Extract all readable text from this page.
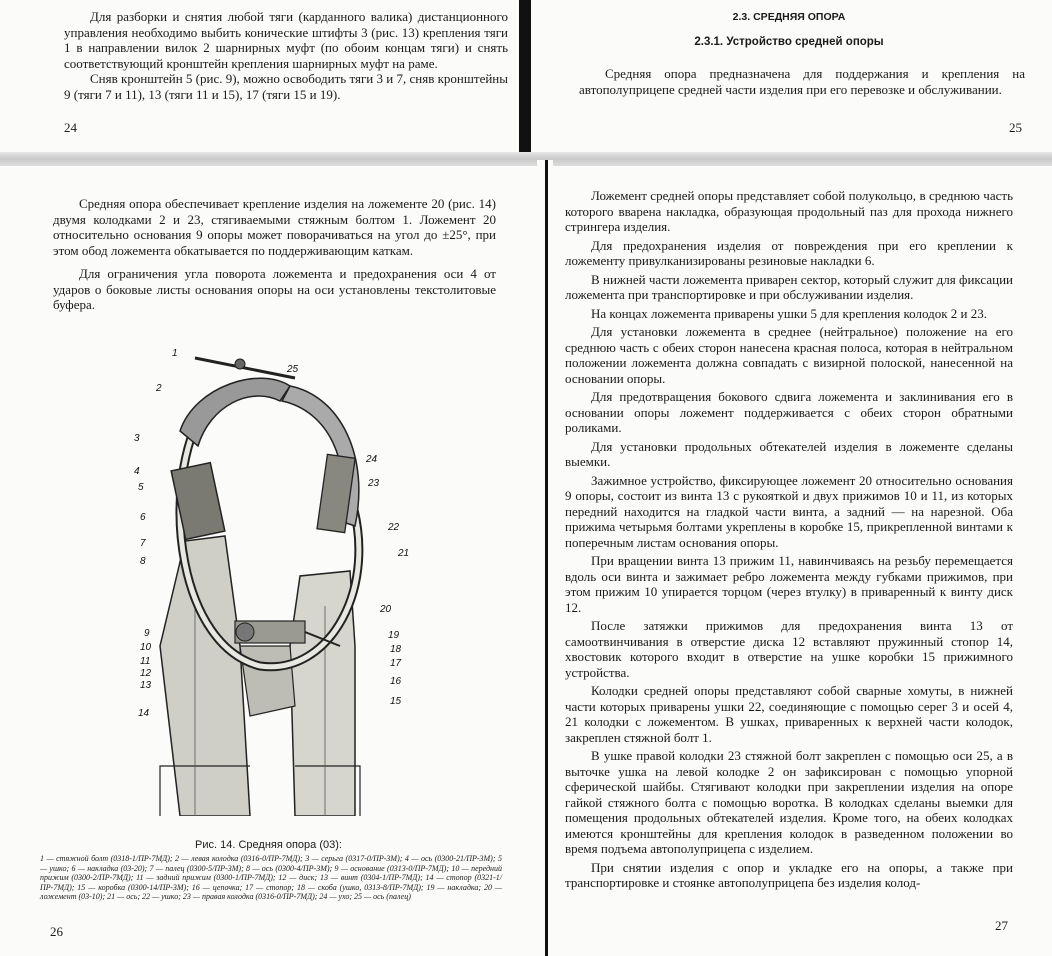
Для разборки и снятия любой тяги (карданного валика) дистанционного управления необходимо выбить конические штифты 3 (рис. 13) крепления тяги 1 в направлении вилок 2 шарнирных муфт (по обоим концам тяги) и снять соответствующий кронштейн крепления шарнирных муфт на раме.

Сняв кронштейн 5 (рис. 9), можно освободить тяги 3 и 7, сняв кронштейны 9 (тяги 7 и 11), 13 (тяги 11 и 15), 17 (тяги 15 и 19).

24
2.3. СРЕДНЯЯ ОПОРА
2.3.1. Устройство средней опоры

Средняя опора предназначена для поддержания и крепления на автополуприцепе средней части изделия при его перевозке и обслуживании.

25

Средняя опора обеспечивает крепление изделия на ложементе 20 (рис. 14) двумя колодками 2 и 23, стягиваемыми стяжным болтом 1. Ложемент 20 относительно основания 9 опоры может поворачиваться на угол до ±25°, при этом обод ложемента обкатывается по поддерживающим каткам.

Для ограничения угла поворота ложемента и предохранения оси 4 от ударов о боковые листы основания опоры на оси установлены текстолитовые буфера.

1
2
3
4
5
6
7
8
9
10
11
12
13
14
15
16
17
18
19
20
21
22
23
24
25
Рис. 14. Средняя опора (03):
1 — стяжной болт (0318-1/ПР-7МД); 2 — левая колодка (0316-0/ПР-7МД); 3 — серьга (0317-0/ПР-3М); 4 — ось (0300-21/ПР-3М); 5 — ушко; 6 — накладка (03-20); 7 — палец (0300-5/ПР-3М); 8 — ось (0300-4/ПР-3М); 9 — основание (0313-0/ПР-7МД); 10 — передний прижим (0300-2/ПР-7МД); 11 — задний прижим (0300-1/ПР-7МД); 12 — диск; 13 — винт (0304-1/ПР-7МД); 14 — стопор (0321-1/ПР-7МД); 15 — коробка (0300-14/ПР-3М); 16 — цепочка; 17 — стопор; 18 — скоба (ушко, 0313-8/ПР-7МД); 19 — накладка; 20 — ложемент (03-10); 21 — ось; 22 — ушко; 23 — правая колодка (0316-0/ПР-7МД); 24 — ухо; 25 — ось (палец)
26

Ложемент средней опоры представляет собой полукольцо, в среднюю часть которого вварена накладка, образующая продольный паз для прохода нижнего стрингера изделия.

Для предохранения изделия от повреждения при его креплении к ложементу привулканизированы резиновые накладки 6.

В нижней части ложемента приварен сектор, который служит для фиксации ложемента при транспортировке и при обслуживании изделия.

На концах ложемента приварены ушки 5 для крепления колодок 2 и 23.

Для установки ложемента в среднее (нейтральное) положение на его среднюю часть с обеих сторон нанесена красная полоса, которая в нейтральном положении ложемента должна совпадать с визирной полоской, нанесенной на основании опоры.

Для предотвращения бокового сдвига ложемента и заклинивания его в основании опоры ложемент поддерживается с обеих сторон обратными роликами.

Для установки продольных обтекателей изделия в ложементе сделаны выемки.

Зажимное устройство, фиксирующее ложемент 20 относительно основания 9 опоры, состоит из винта 13 с рукояткой и двух прижимов 10 и 11, из которых передний находится на гладкой части винта, а задний — на нарезной. Оба прижима четырьмя болтами укреплены в коробке 15, прикрепленной винтами к поперечным листам основания опоры.

При вращении винта 13 прижим 11, навинчиваясь на резьбу перемещается вдоль оси винта и зажимает ребро ложемента между губками прижимов, при этом прижим 10 упирается торцом (через втулку) в приваренный к винту диск 12.

После затяжки прижимов для предохранения винта 13 от самоотвинчивания в отверстие диска 12 вставляют пружинный стопор 14, хвостовик которого входит в отверстие на ушке коробки 15 прижимного устройства.

Колодки средней опоры представляют собой сварные хомуты, в нижней части которых приварены ушки 22, соединяющие с помощью серег 3 и осей 4, 21 колодки с ложементом. В ушках, приваренных к верхней части колодок, закреплен стяжной болт 1.

В ушке правой колодки 23 стяжной болт закреплен с помощью оси 25, а в выточке ушка на левой колодке 2 он зафиксирован с помощью упорной сферической шайбы. Стягивают колодки при закреплении изделия на опоре гайкой стяжного болта с помощью воротка. В колодках сделаны выемки для помещения продольных обтекателей изделия. Кроме того, на обеих колодках имеются кронштейны для крепления колодок в разведенном положении во время подъема автополуприцепа с изделием.

При снятии изделия с опор и укладке его на опоры, а также при транспортировке и стоянке автополуприцепа без изделия колод-

27
